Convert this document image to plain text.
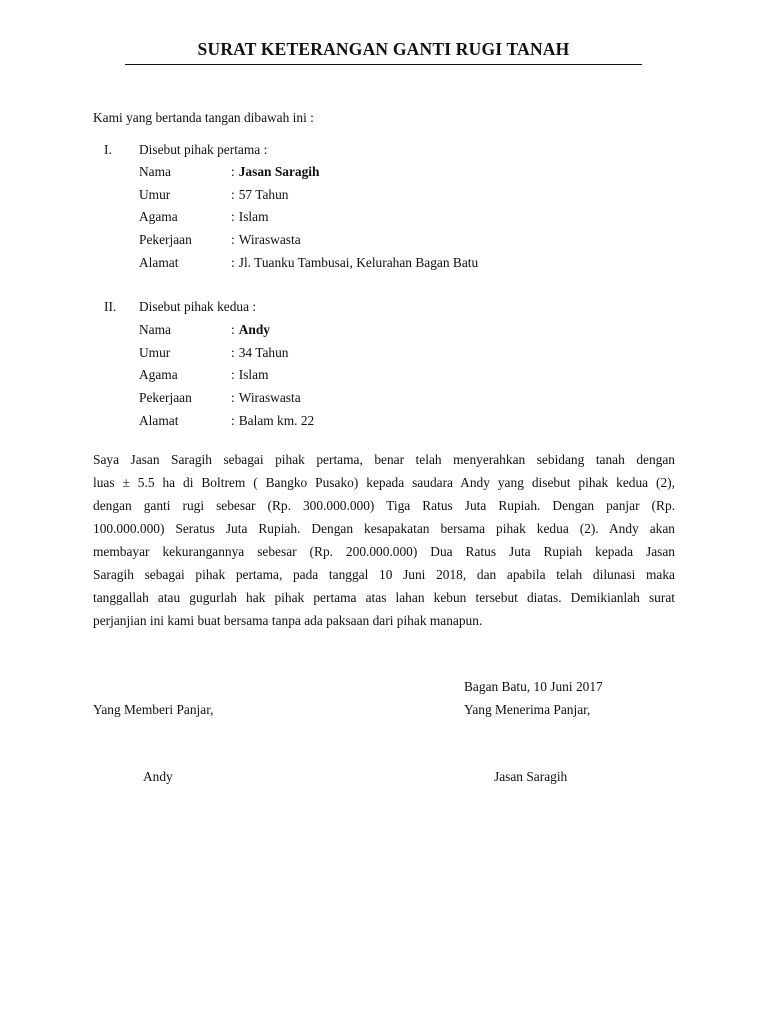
SURAT KETERANGAN GANTI RUGI TANAH
Kami yang bertanda tangan dibawah ini :
I. Disebut pihak pertama :
Nama	: Jasan Saragih
Umur	: 57 Tahun
Agama	: Islam
Pekerjaan	: Wiraswasta
Alamat	: Jl. Tuanku Tambusai, Kelurahan Bagan Batu
II. Disebut pihak kedua :
Nama	: Andy
Umur	: 34 Tahun
Agama	: Islam
Pekerjaan	: Wiraswasta
Alamat	: Balam km. 22
Saya Jasan Saragih sebagai pihak pertama, benar telah menyerahkan sebidang tanah dengan
luas ± 5.5 ha di Boltrem ( Bangko Pusako) kepada saudara Andy yang disebut pihak kedua (2),
dengan ganti rugi sebesar (Rp. 300.000.000) Tiga Ratus Juta Rupiah. Dengan panjar (Rp.
100.000.000) Seratus Juta Rupiah. Dengan kesapakatan bersama pihak kedua (2). Andy akan
membayar kekurangannya sebesar (Rp. 200.000.000) Dua Ratus Juta Rupiah kepada Jasan
Saragih sebagai pihak pertama, pada tanggal 10 Juni 2018, dan apabila telah dilunasi maka
tanggallah atau gugurlah hak pihak pertama atas lahan kebun tersebut diatas. Demikianlah surat
perjanjian ini kami buat bersama tanpa ada paksaan dari pihak manapun.
Bagan Batu, 10 Juni 2017
Yang Memberi Panjar,	Yang Menerima Panjar,
Andy	Jasan Saragih
